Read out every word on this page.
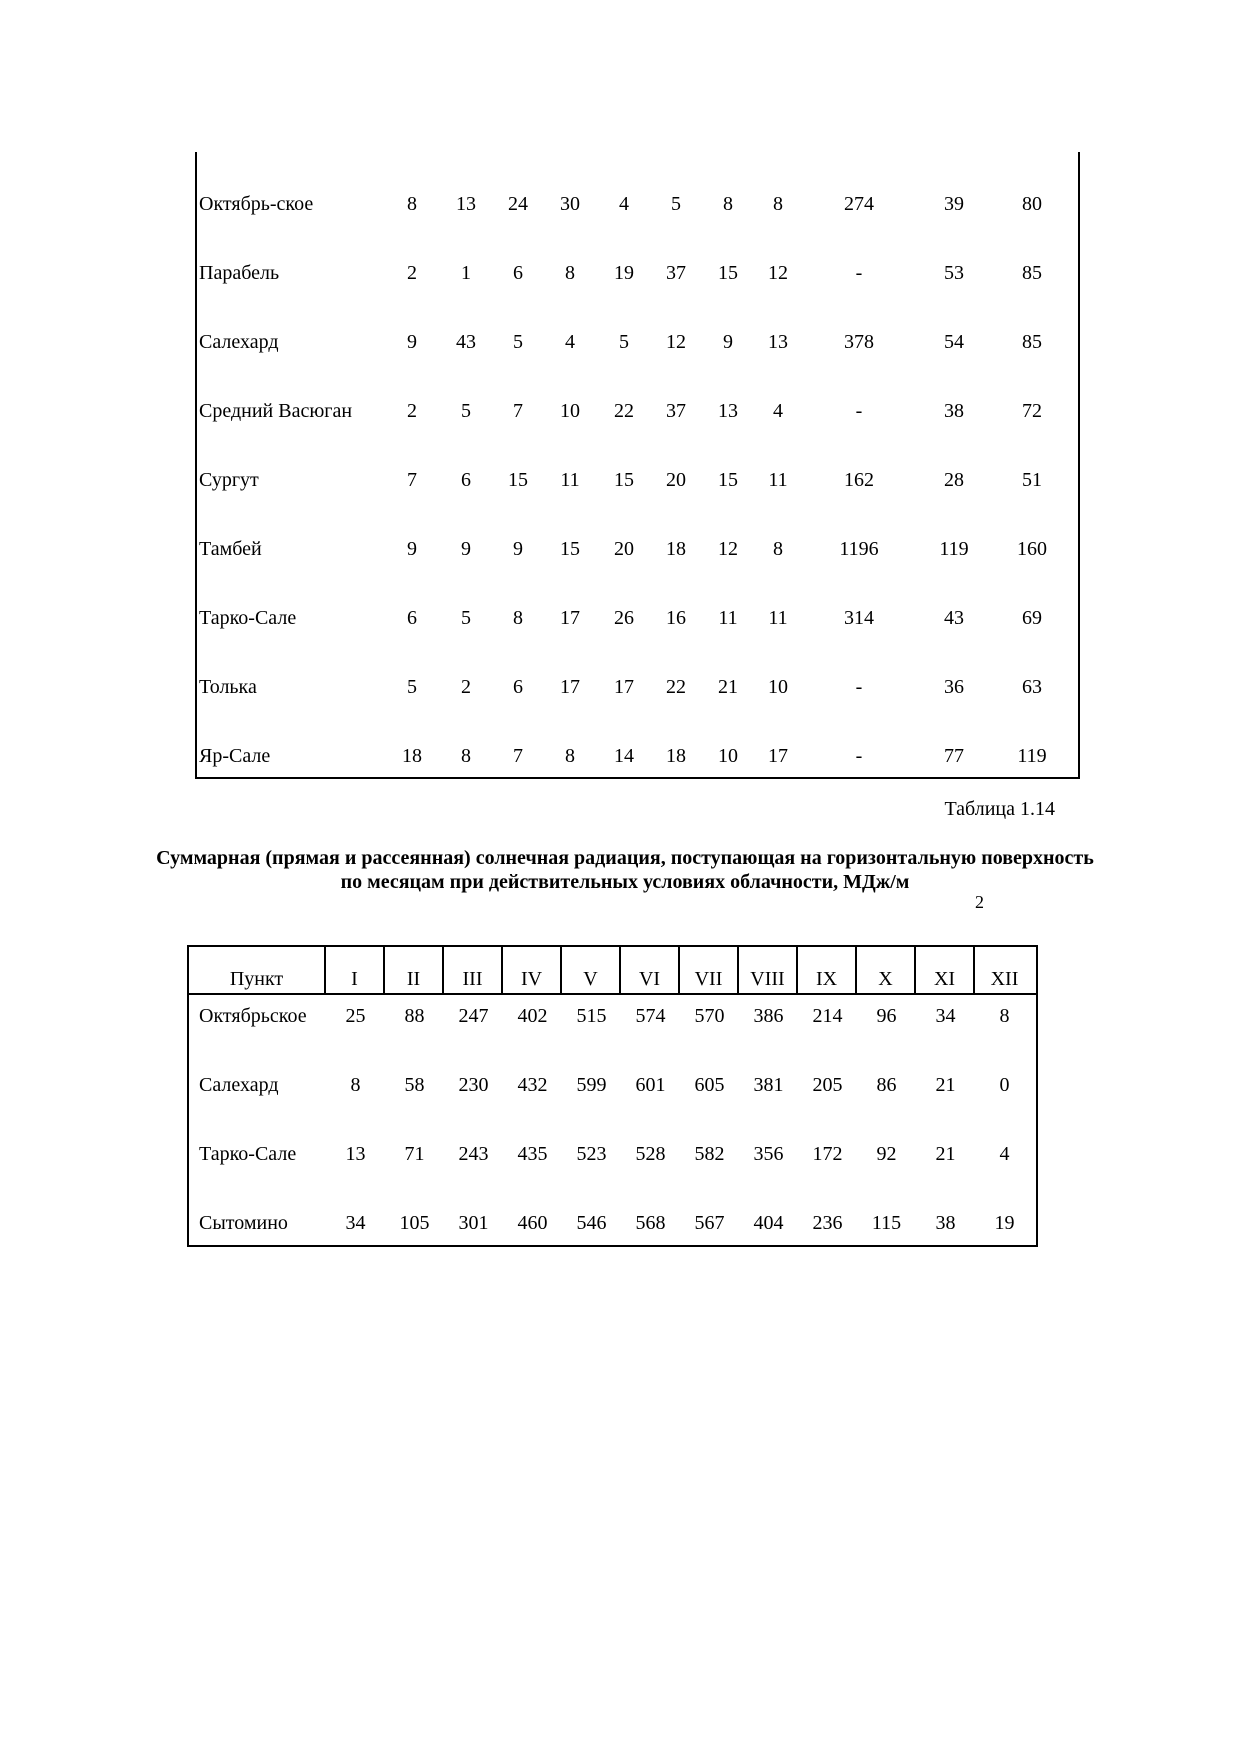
Октябрь-ское	8	13	24	30	4	5	8	8	274	39	80
Парабель	2	1	6	8	19	37	15	12	-	53	85
Салехард	9	43	5	4	5	12	9	13	378	54	85
Средний Васюган	2	5	7	10	22	37	13	4	-	38	72
Сургут	7	6	15	11	15	20	15	11	162	28	51
Тамбей	9	9	9	15	20	18	12	8	1196	119	160
Тарко-Сале	6	5	8	17	26	16	11	11	314	43	69
Толька	5	2	6	17	17	22	21	10	-	36	63
Яр-Сале	18	8	7	8	14	18	10	17	-	77	119
Таблица 1.14
Суммарная (прямая и рассеянная) солнечная радиация, поступающая на горизонтальную поверхность по месяцам при действительных условиях облачности, МДж/м
2
Пункт	I	II	III	IV	V	VI	VII	VIII	IX	X	XI	XII
Октябрьское	25	88	247	402	515	574	570	386	214	96	34	8
Салехард	8	58	230	432	599	601	605	381	205	86	21	0
Тарко-Сале	13	71	243	435	523	528	582	356	172	92	21	4
Сытомино	34	105	301	460	546	568	567	404	236	115	38	19
